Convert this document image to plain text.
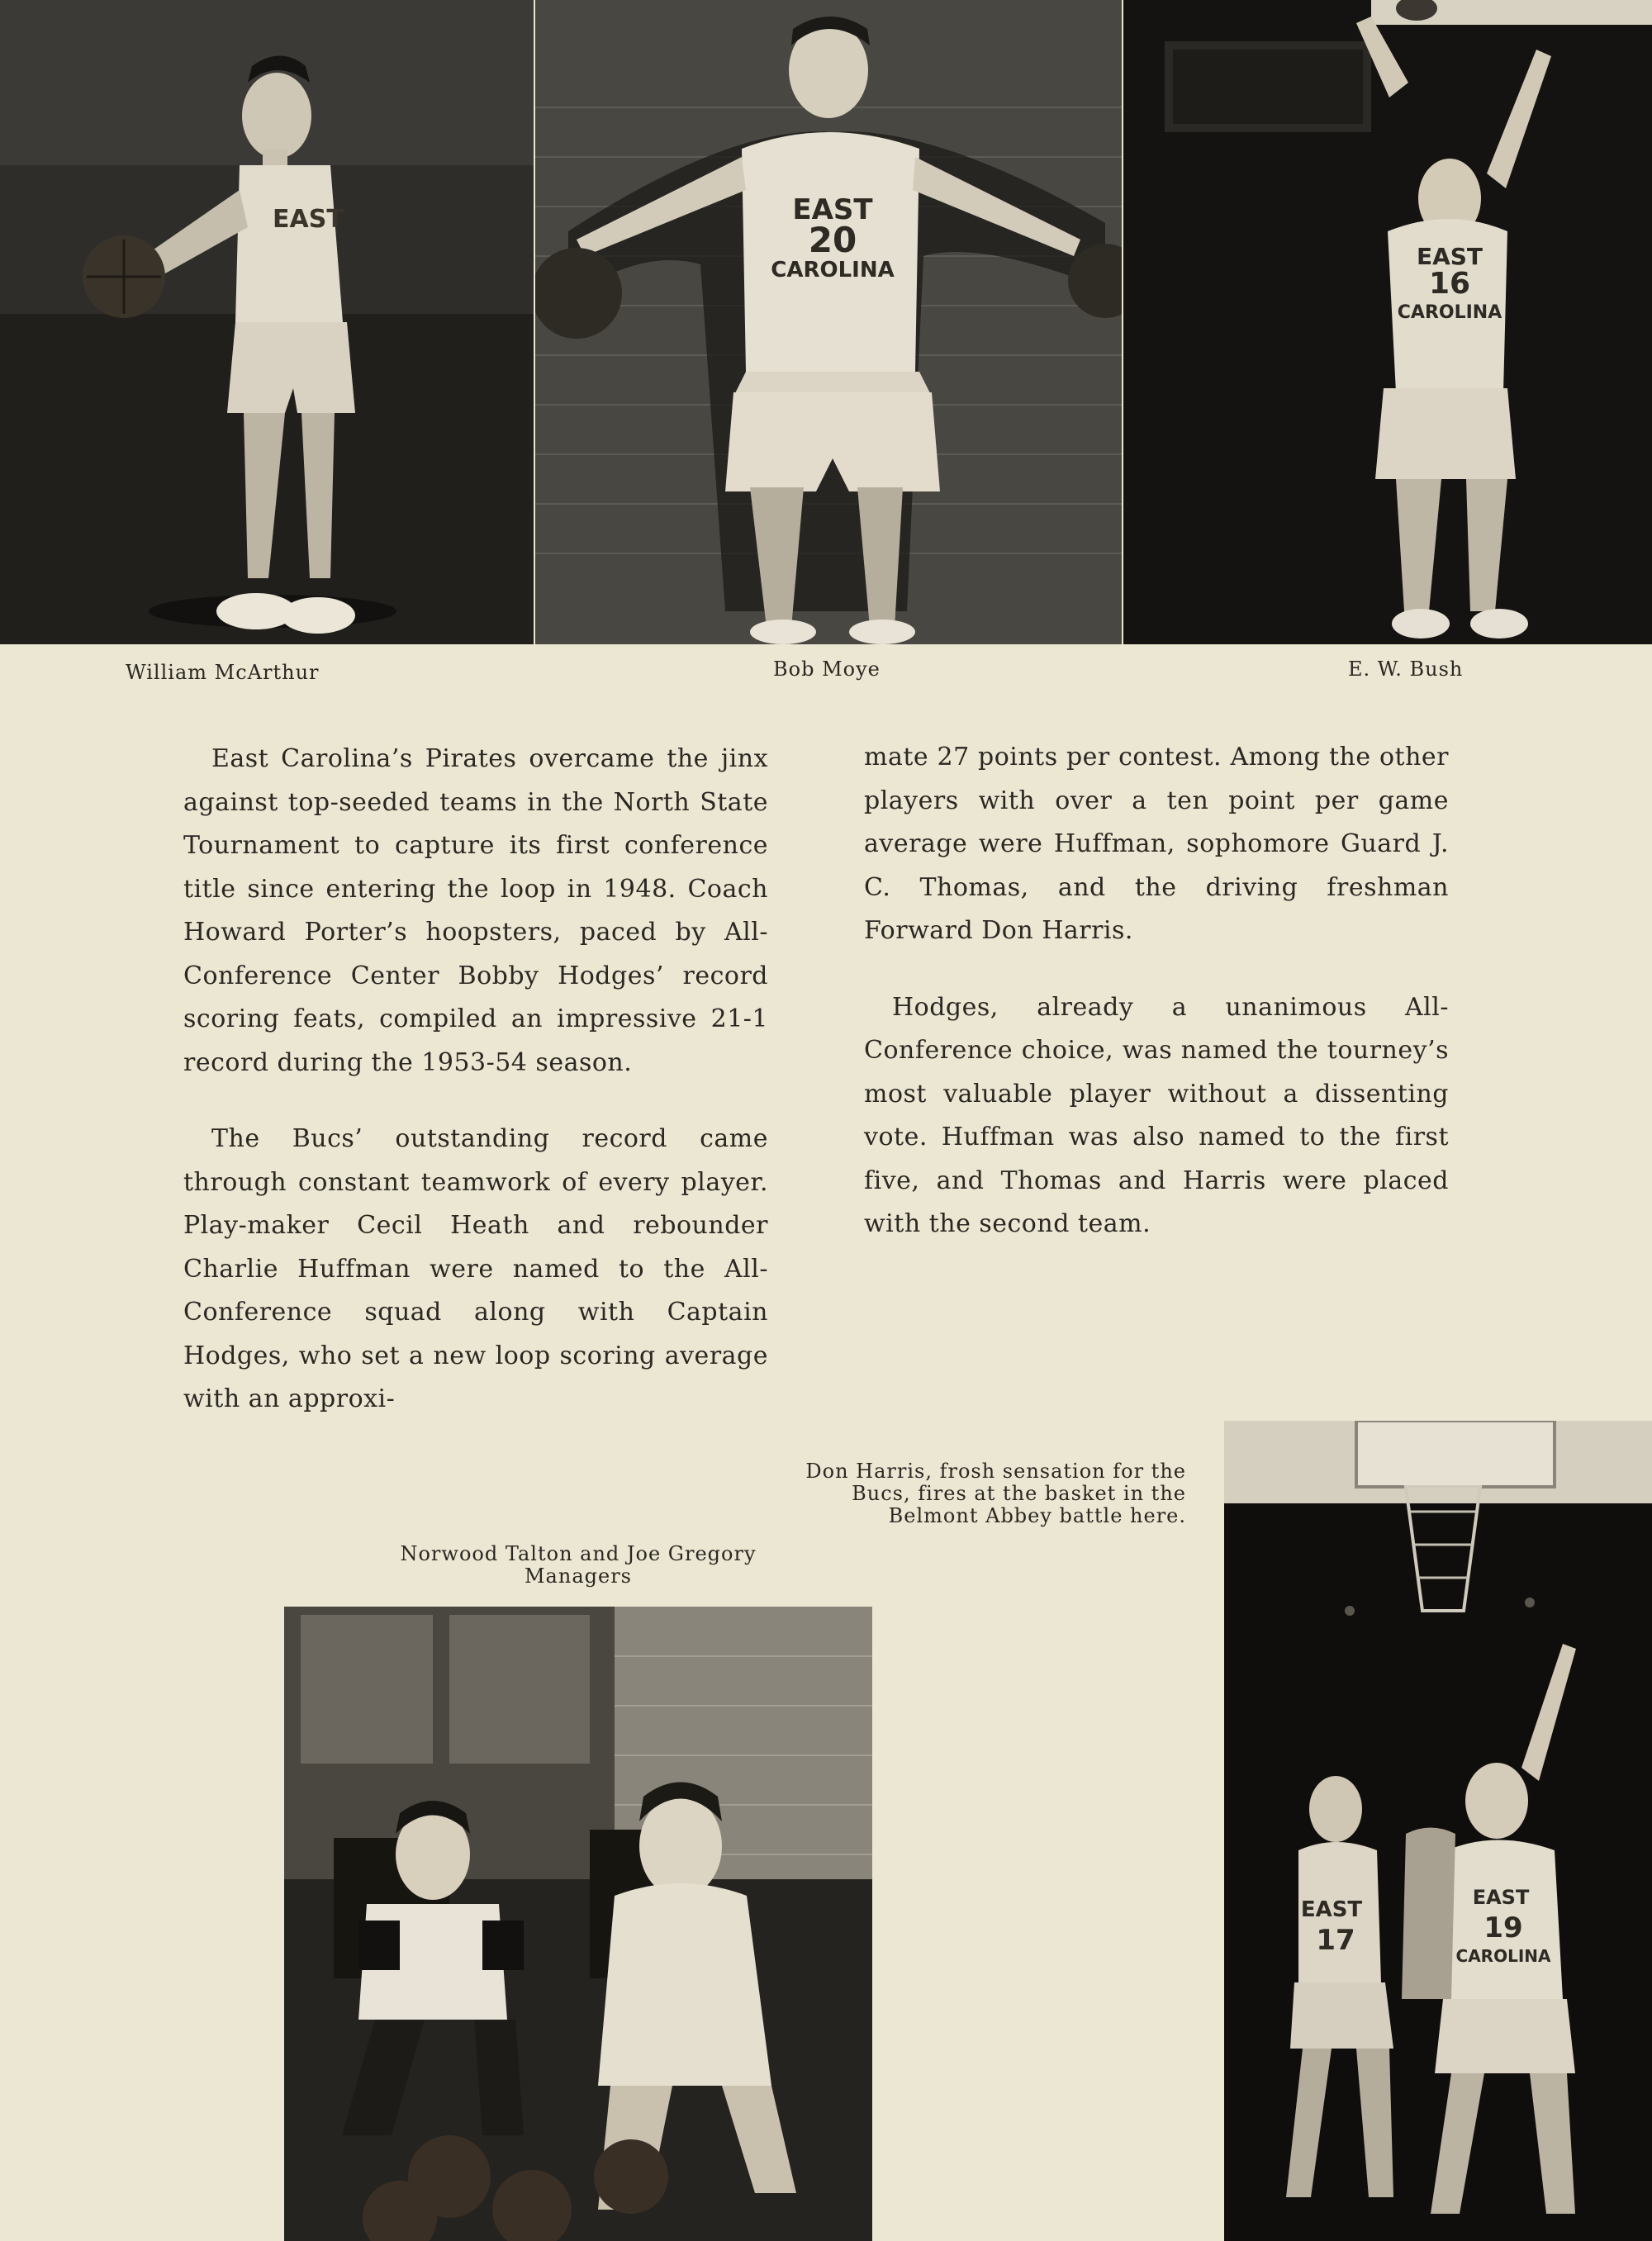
EAST	EAST
20
CAROLINA	EAST
16
CAROLINA
William McArthur	Bob Moye	E. W. Bush

East Carolina’s Pirates overcame the jinx against top-seeded teams in the North State Tournament to capture its first conference title since entering the loop in 1948. Coach Howard Porter’s hoopsters, paced by All-Conference Center Bobby Hodges’ record scoring feats, compiled an impressive 21-1 record during the 1953-54 season.

The Bucs’ outstanding record came through constant teamwork of every player. Play-maker Cecil Heath and rebounder Charlie Huffman were named to the All-Conference squad along with Captain Hodges, who set a new loop scoring average with an approxi-

mate 27 points per contest. Among the other players with over a ten point per game average were Huffman, sophomore Guard J. C. Thomas, and the driving freshman Forward Don Harris.

Hodges, already a unanimous All-Conference choice, was named the tourney’s most valuable player without a dissenting vote. Huffman was also named to the first five, and Thomas and Harris were placed with the second team.

Don Harris, frosh sensation for the
Bucs, fires at the basket in the
Belmont Abbey battle here.
Norwood Talton and Joe Gregory
Managers
EAST
17
EAST
19
CAROLINA
